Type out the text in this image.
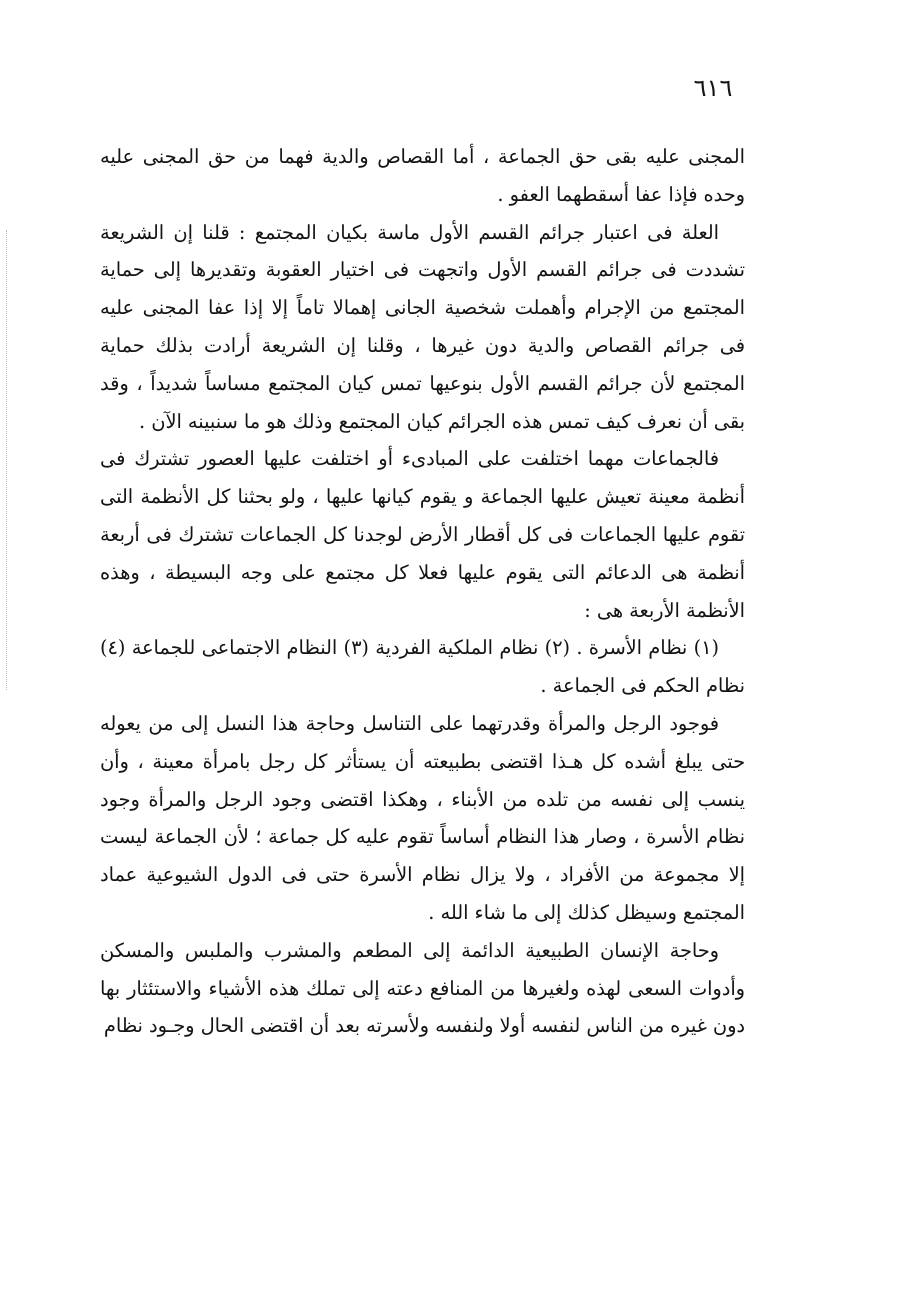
٦١٦

المجنى عليه بقى حق الجماعة ، أما القصاص والدية فهما من حق المجنى عليه وحده فإذا عفا أسقطهما العفو .

العلة فى اعتبار جرائم القسم الأول ماسة بكيان المجتمع : قلنا إن الشريعة تشددت فى جرائم القسم الأول واتجهت فى اختيار العقوبة وتقديرها إلى حماية المجتمع من الإجرام وأهملت شخصية الجانى إهمالا تاماً إلا إذا عفا المجنى عليه فى جرائم القصاص والدية دون غيرها ، وقلنا إن الشريعة أرادت بذلك حماية المجتمع لأن جرائم القسم الأول بنوعيها تمس كيان المجتمع مساساً شديداً ، وقد بقى أن نعرف كيف تمس هذه الجرائم كيان المجتمع وذلك هو ما سنبينه الآن .

فالجماعات مهما اختلفت على المبادىء أو اختلفت عليها العصور تشترك فى أنظمة معينة تعيش عليها الجماعة و يقوم كيانها عليها ، ولو بحثنا كل الأنظمة التى تقوم عليها الجماعات فى كل أقطار الأرض لوجدنا كل الجماعات تشترك فى أربعة أنظمة هى الدعائم التى يقوم عليها فعلا كل مجتمع على وجه البسيطة ، وهذه الأنظمة الأربعة هى :

(١) نظام الأسرة . (٢) نظام الملكية الفردية (٣) النظام الاجتماعى للجماعة (٤) نظام الحكم فى الجماعة .

فوجود الرجل والمرأة وقدرتهما على التناسل وحاجة هذا النسل إلى من يعوله حتى يبلغ أشده كل هـذا اقتضى بطبيعته أن يستأثر كل رجل بامرأة معينة ، وأن ينسب إلى نفسه من تلده من الأبناء ، وهكذا اقتضى وجود الرجل والمرأة وجود نظام الأسرة ، وصار هذا النظام أساساً تقوم عليه كل جماعة ؛ لأن الجماعة ليست إلا مجموعة من الأفراد ، ولا يزال نظام الأسرة حتى فى الدول الشيوعية عماد المجتمع وسيظل كذلك إلى ما شاء الله .

وحاجة الإنسان الطبيعية الدائمة إلى المطعم والمشرب والملبس والمسكن وأدوات السعى لهذه ولغيرها من المنافع دعته إلى تملك هذه الأشياء والاستئثار بها دون غيره من الناس لنفسه أولا ولنفسه ولأسرته بعد أن اقتضى الحال وجـود نظام
